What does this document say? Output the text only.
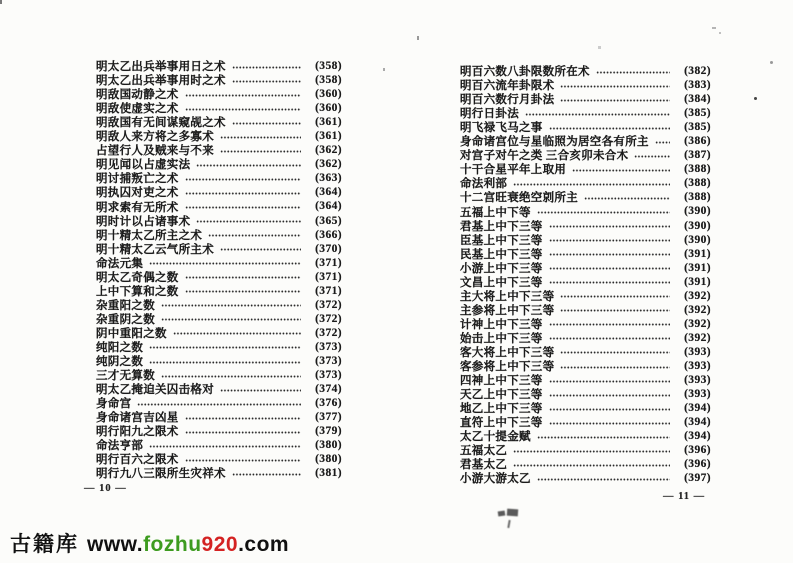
明太乙出兵举事用日之术	(358)
明太乙出兵举事用时之术	(358)
明敌国动静之术	(360)
明敌使虚实之术	(360)
明敌国有无间谋窥觇之术	(361)
明敌人来方将之多寡术	(361)
占望行人及贼来与不来	(362)
明见闻以占虚实法	(362)
明讨捕叛亡之术	(363)
明执囚对吏之术	(364)
明求索有无所术	(364)
明时计以占诸事术	(365)
明十精太乙所主之术	(366)
明十精太乙云气所主术	(370)
命法元集	(371)
明太乙奇偶之数	(371)
上中下算和之数	(371)
杂重阳之数	(372)
杂重阴之数	(372)
阴中重阳之数	(372)
纯阳之数	(373)
纯阴之数	(373)
三才无算数	(373)
明太乙掩迫关囚击格对	(374)
身命宫	(376)
身命诸宫吉凶星	(377)
明行阳九之限术	(379)
命法亨部	(380)
明行百六之限术	(380)
明行九八三限所生灾祥术	(381)
明百六数八卦限数所在术	(382)
明百六流年卦限术	(383)
明百六数行月卦法	(384)
明行日卦法	(385)
明飞禄飞马之事	(385)
身命诸宫位与星临照为居空各有所主	(386)
对宫子对午之类 三合亥卯未合木	(387)
十干合星平年上取用	(388)
命法利部	(388)
十二宫旺衰绝空剠所主	(388)
五福上中下等	(390)
君基上中下三等	(390)
臣基上中下三等	(390)
民基上中下三等	(391)
小游上中下三等	(391)
文昌上中下三等	(391)
主大将上中下三等	(392)
主参将上中下三等	(392)
计神上中下三等	(392)
始击上中下三等	(392)
客大将上中下三等	(393)
客参将上中下三等	(393)
四神上中下三等	(393)
天乙上中下三等	(393)
地乙上中下三等	(394)
直符上中下三等	(394)
太乙十提金赋	(394)
五福太乙	(396)
君基太乙	(396)
小游大游太乙	(397)
— 10 —
— 11 —
古籍库 www.fozhu920.com
